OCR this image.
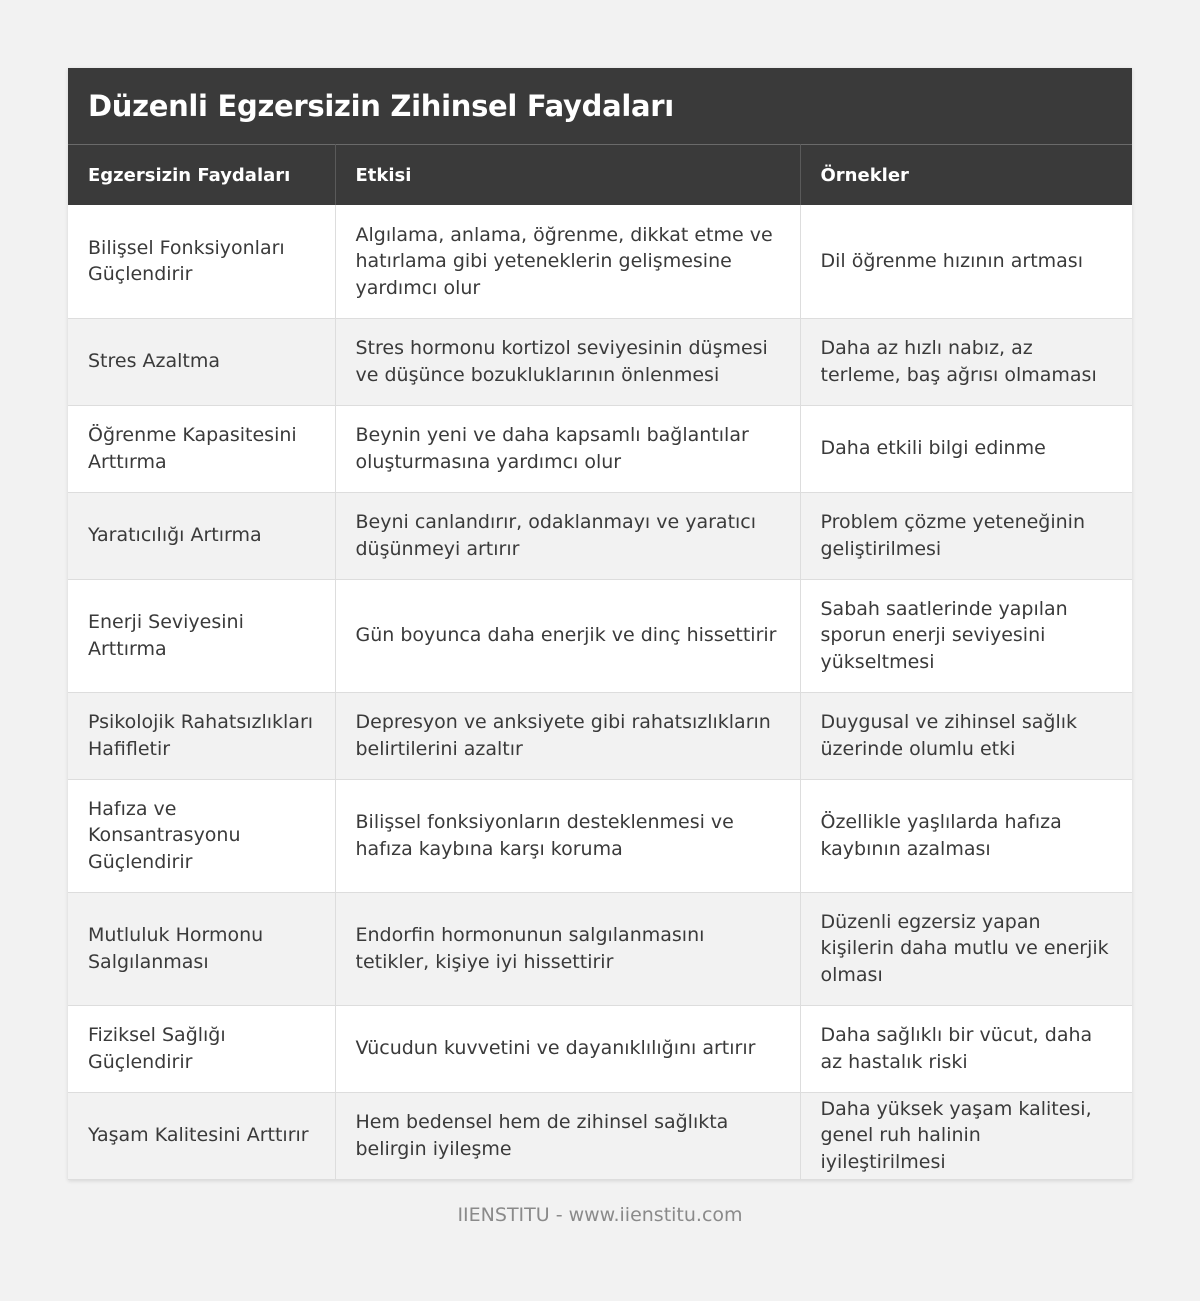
Düzenli Egzersizin Zihinsel Faydaları
Egzersizin Faydaları	Etkisi	Örnekler
Bilişsel Fonksiyonları Güçlendirir	Algılama, anlama, öğrenme, dikkat etme ve hatırlama gibi yeteneklerin gelişmesine yardımcı olur	Dil öğrenme hızının artması
Stres Azaltma	Stres hormonu kortizol seviyesinin düşmesi ve düşünce bozukluklarının önlenmesi	Daha az hızlı nabız, az terleme, baş ağrısı olmaması
Öğrenme Kapasitesini Arttırma	Beynin yeni ve daha kapsamlı bağlantılar oluşturmasına yardımcı olur	Daha etkili bilgi edinme
Yaratıcılığı Artırma	Beyni canlandırır, odaklanmayı ve yaratıcı düşünmeyi artırır	Problem çözme yeteneğinin geliştirilmesi
Enerji Seviyesini Arttırma	Gün boyunca daha enerjik ve dinç hissettirir	Sabah saatlerinde yapılan sporun enerji seviyesini yükseltmesi
Psikolojik Rahatsızlıkları Hafifletir	Depresyon ve anksiyete gibi rahatsızlıkların belirtilerini azaltır	Duygusal ve zihinsel sağlık üzerinde olumlu etki
Hafıza ve Konsantrasyonu Güçlendirir	Bilişsel fonksiyonların desteklenmesi ve hafıza kaybına karşı koruma	Özellikle yaşlılarda hafıza kaybının azalması
Mutluluk Hormonu Salgılanması	Endorfin hormonunun salgılanmasını tetikler, kişiye iyi hissettirir	Düzenli egzersiz yapan kişilerin daha mutlu ve enerjik olması
Fiziksel Sağlığı Güçlendirir	Vücudun kuvvetini ve dayanıklılığını artırır	Daha sağlıklı bir vücut, daha az hastalık riski
Yaşam Kalitesini Arttırır	Hem bedensel hem de zihinsel sağlıkta belirgin iyileşme	Daha yüksek yaşam kalitesi, genel ruh halinin iyileştirilmesi
IIENSTITU - www.iienstitu.com
